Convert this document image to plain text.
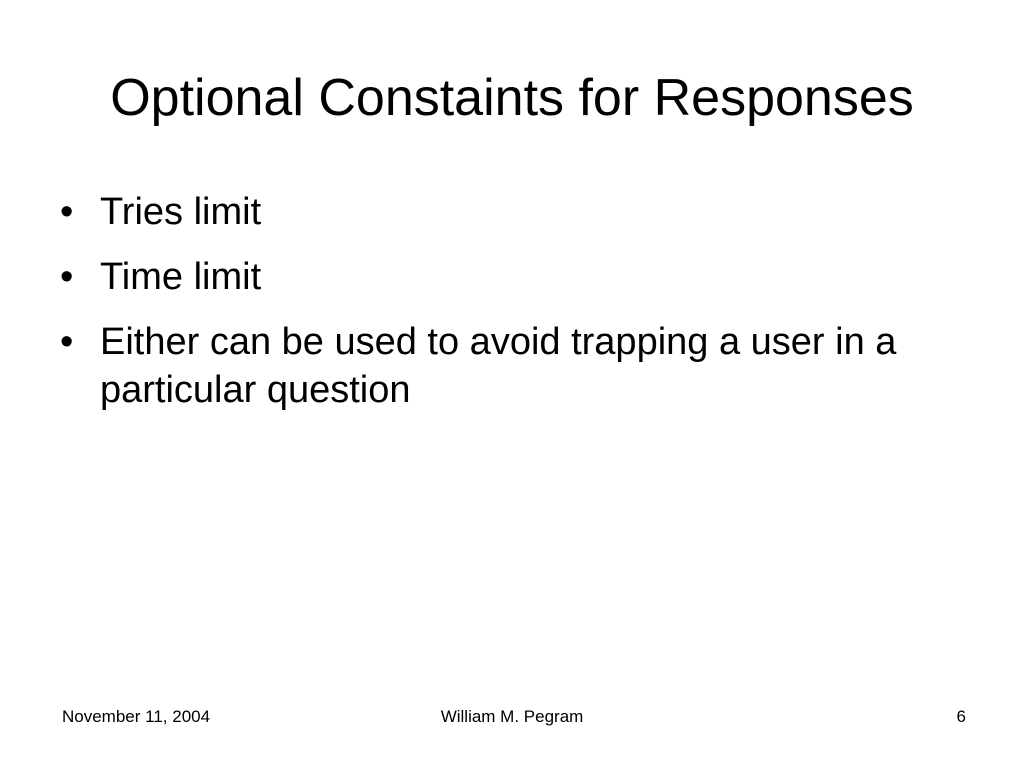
Optional Constaints for Responses
• Tries limit
• Time limit
• Either can be used to avoid trapping a user in a particular question
November 11, 2004	William M. Pegram	6
